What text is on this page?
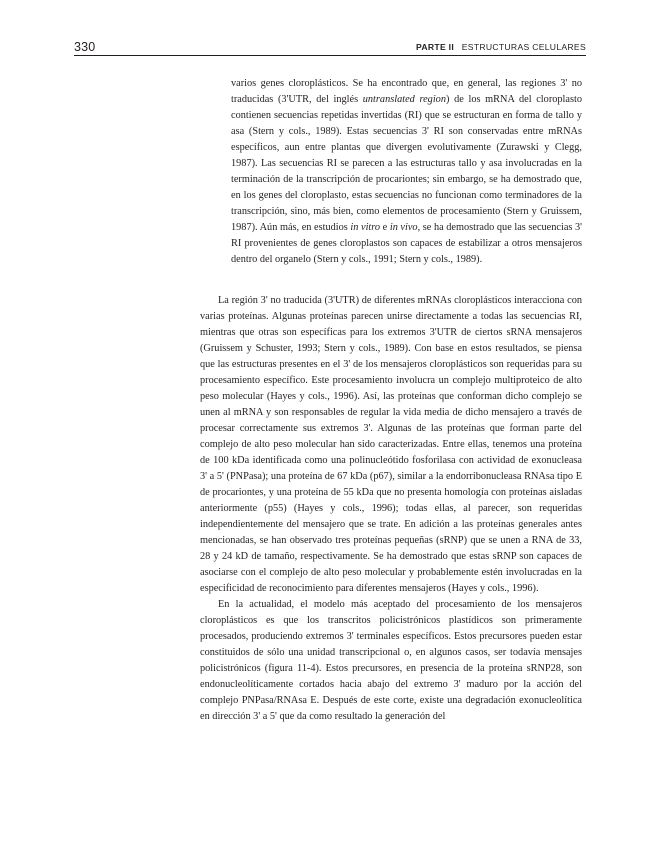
330	PARTE II ESTRUCTURAS CELULARES

varios genes cloroplásticos. Se ha encontrado que, en general, las regiones 3' no traducidas (3'UTR, del inglés untranslated region) de los mRNA del cloroplasto contienen secuencias repetidas invertidas (RI) que se estructuran en forma de tallo y asa (Stern y cols., 1989). Estas secuencias 3' RI son conservadas entre mRNAs específicos, aun entre plantas que divergen evolutivamente (Zurawski y Clegg, 1987). Las secuencias RI se parecen a las estructuras tallo y asa involucradas en la terminación de la transcripción de procariontes; sin embargo, se ha demostrado que, en los genes del cloroplasto, estas secuencias no funcionan como terminadores de la transcripción, sino, más bien, como elementos de procesamiento (Stern y Gruissem, 1987). Aún más, en estudios in vitro e in vivo, se ha demostrado que las secuencias 3' RI provenientes de genes cloroplastos son capaces de estabilizar a otros mensajeros dentro del organelo (Stern y cols., 1991; Stern y cols., 1989).

La región 3' no traducida (3'UTR) de diferentes mRNAs cloroplásticos interacciona con varias proteínas. Algunas proteínas parecen unirse directamente a todas las secuencias RI, mientras que otras son específicas para los extremos 3'UTR de ciertos sRNA mensajeros (Gruissem y Schuster, 1993; Stern y cols., 1989). Con base en estos resultados, se piensa que las estructuras presentes en el 3' de los mensajeros cloroplásticos son requeridas para su procesamiento específico. Este procesamiento involucra un complejo multiproteico de alto peso molecular (Hayes y cols., 1996). Así, las proteínas que conforman dicho complejo se unen al mRNA y son responsables de regular la vida media de dicho mensajero a través de procesar correctamente sus extremos 3'. Algunas de las proteínas que forman parte del complejo de alto peso molecular han sido caracterizadas. Entre ellas, tenemos una proteína de 100 kDa identificada como una polinucleótido fosforilasa con actividad de exonucleasa 3' a 5' (PNPasa); una proteína de 67 kDa (p67), similar a la endorribonucleasa RNAsa tipo E de procariontes, y una proteína de 55 kDa que no presenta homología con proteínas aisladas anteriormente (p55) (Hayes y cols., 1996); todas ellas, al parecer, son requeridas independientemente del mensajero que se trate. En adición a las proteínas generales antes mencionadas, se han observado tres proteínas pequeñas (sRNP) que se unen a RNA de 33, 28 y 24 kD de tamaño, respectivamente. Se ha demostrado que estas sRNP son capaces de asociarse con el complejo de alto peso molecular y probablemente estén involucradas en la especificidad de reconocimiento para diferentes mensajeros (Hayes y cols., 1996).

En la actualidad, el modelo más aceptado del procesamiento de los mensajeros cloroplásticos es que los transcritos policistrónicos plastídicos son primeramente procesados, produciendo extremos 3' terminales específicos. Estos precursores pueden estar constituidos de sólo una unidad transcripcional o, en algunos casos, ser todavía mensajes policistrónicos (figura 11-4). Estos precursores, en presencia de la proteína sRNP28, son endonucleolíticamente cortados hacia abajo del extremo 3' maduro por la acción del complejo PNPasa/RNAsa E. Después de este corte, existe una degradación exonucleolítica en dirección 3' a 5' que da como resultado la generación del
